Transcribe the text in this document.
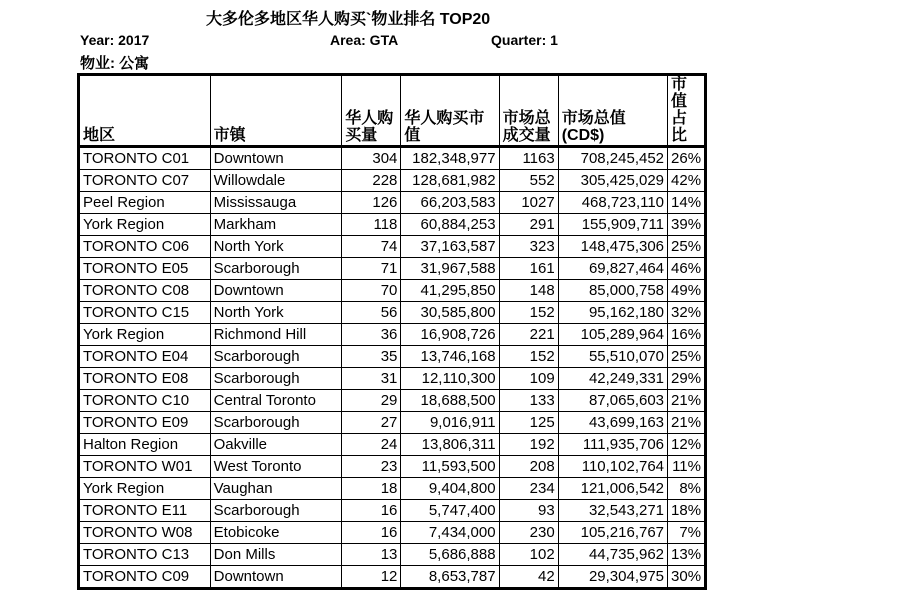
大多伦多地区华人购买`物业排名 TOP20
Year: 2017	Area: GTA	Quarter: 1
物业: 公寓
地区	市镇	华人购买量	华人购买市值	市场总成交量	市场总值(CD$)	市值占比
TORONTO C01	Downtown	304	182,348,977	1163	708,245,452	26%
TORONTO C07	Willowdale	228	128,681,982	552	305,425,029	42%
Peel Region	Mississauga	126	66,203,583	1027	468,723,110	14%
York Region	Markham	118	60,884,253	291	155,909,711	39%
TORONTO C06	North York	74	37,163,587	323	148,475,306	25%
TORONTO E05	Scarborough	71	31,967,588	161	69,827,464	46%
TORONTO C08	Downtown	70	41,295,850	148	85,000,758	49%
TORONTO C15	North York	56	30,585,800	152	95,162,180	32%
York Region	Richmond Hill	36	16,908,726	221	105,289,964	16%
TORONTO E04	Scarborough	35	13,746,168	152	55,510,070	25%
TORONTO E08	Scarborough	31	12,110,300	109	42,249,331	29%
TORONTO C10	Central Toronto	29	18,688,500	133	87,065,603	21%
TORONTO E09	Scarborough	27	9,016,911	125	43,699,163	21%
Halton Region	Oakville	24	13,806,311	192	111,935,706	12%
TORONTO W01	West Toronto	23	11,593,500	208	110,102,764	11%
York Region	Vaughan	18	9,404,800	234	121,006,542	8%
TORONTO E11	Scarborough	16	5,747,400	93	32,543,271	18%
TORONTO W08	Etobicoke	16	7,434,000	230	105,216,767	7%
TORONTO C13	Don Mills	13	5,686,888	102	44,735,962	13%
TORONTO C09	Downtown	12	8,653,787	42	29,304,975	30%
